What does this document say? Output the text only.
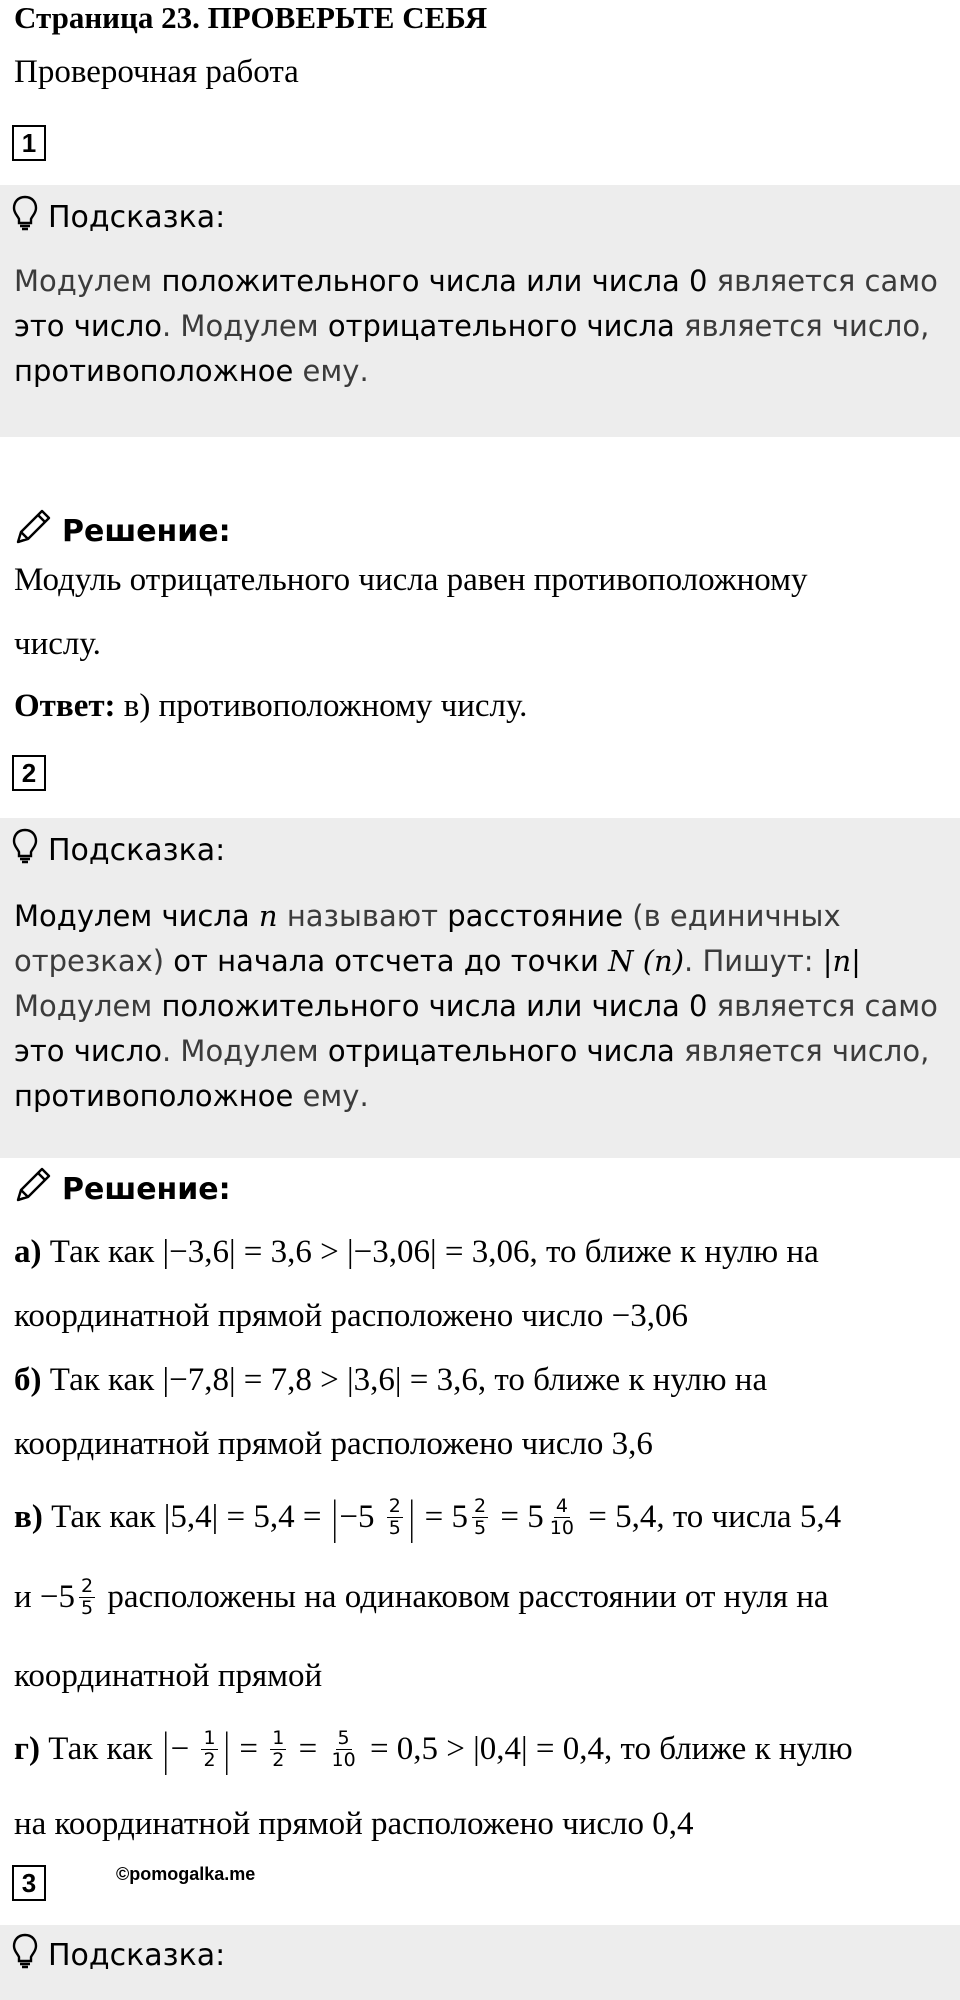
Страница 23. ПРОВЕРЬТЕ СЕБЯ
Проверочная работа
1
Подсказка:
Модулем положительного числа или числа 0 является само это число. Модулем отрицательного числа является число, противоположное ему.
Решение:
Модуль отрицательного числа равен противоположному
числу.
Ответ: в) противоположному числу.
2
Подсказка:
Модулем числа n называют расстояние (в единичных
отрезках) от начала отсчета до точки N (n). Пишут: |n|
Модулем положительного числа или числа 0 является само
это число. Модулем отрицательного числа является число,
противоположное ему.
Решение:
а) Так как |−3,6| = 3,6 > |−3,06| = 3,06, то ближе к нулю на
координатной прямой расположено число −3,06
б) Так как |−7,8| = 7,8 > |3,6| = 3,6, то ближе к нулю на
координатной прямой расположено число 3,6
в) Так как |5,4| = 5,4 = | $-5 \frac{2}{5}$ | = $5 \frac{2}{5} = 5 \frac{4}{10} = 5,4$, то числа 5,4
$и -5 \frac{2}{5}$ расположены на одинаковом расстоянии от нуля на
координатной прямой
г) Так как | − $\frac{1}{2}$ | = $\frac{1}{2} = \frac{5}{10} = 0,5 > |0,4| = 0,4$, то ближе к нулю
на координатной прямой расположено число 0,4
3	©pomogalka.me
Подсказка:
